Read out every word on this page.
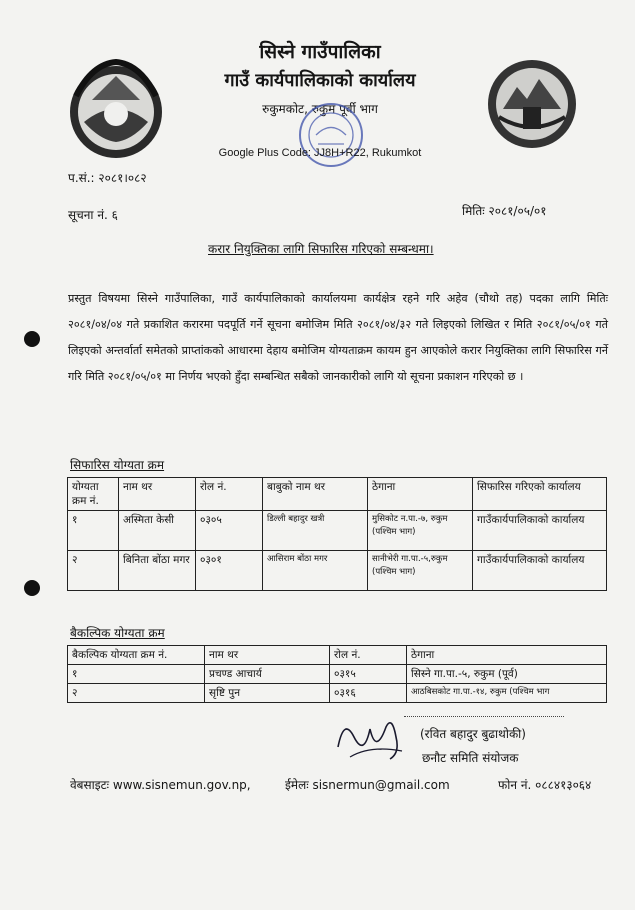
सिस्ने गाउँपालिका
गाउँ कार्यपालिकाको कार्यालय
रुकुमकोट, रुकुम पूर्वी भाग
Google Plus Code: JJ8H+R22, Rukumkot
प.सं.: २०८१।०८२
सूचना नं. ६	मितिः २०८१/०५/०१
करार नियुक्तिका लागि सिफारिस गरिएको सम्बन्धमा।
प्रस्तुत विषयमा सिस्ने गाउँपालिका, गाउँ कार्यपालिकाको कार्यालयमा कार्यक्षेत्र रहने गरि अहेव (चौथो तह) पदका लागि मितिः २०८१/०४/०४ गते प्रकाशित करारमा पदपूर्ति गर्ने सूचना बमोजिम मिति २०८१/०४/३२ गते लिइएको लिखित र मिति २०८१/०५/०१ गते लिइएको अन्तर्वार्ता समेतको प्राप्तांकको आधारमा देहाय बमोजिम योग्यताक्रम कायम हुन आएकोले करार नियुक्तिका लागि सिफारिस गर्ने गरि मिति २०८१/०५/०१ मा निर्णय भएको हुँदा सम्बन्धित सबैको जानकारीको लागि यो सूचना प्रकाशन गरिएको छ ।
सिफारिस योग्यता क्रम
योग्यता क्रम नं.	नाम थर	रोल नं.	बाबुको नाम थर	ठेगाना	सिफारिस गरिएको कार्यालय
१	अस्मिता केसी	०३०५	डिल्ली बहादुर खत्री	मुसिकोट न.पा.-७, रुकुम (पश्चिम भाग)	गाउँकार्यपालिकाको कार्यालय
२	बिनिता बोंठा मगर	०३०१	आसिराम बोंठा मगर	सानीभेरी गा.पा.-५,रुकुम (पश्चिम भाग)	गाउँकार्यपालिकाको कार्यालय
बैकल्पिक योग्यता क्रम
बैकल्पिक योग्यता क्रम नं.	नाम थर	रोल नं.	ठेगाना
१	प्रचण्ड आचार्य	०३१५	सिस्ने गा.पा.-५, रुकुम (पूर्व)
२	सृष्टि पुन	०३१६	आठबिसकोट गा.पा.-१४, रुकुम (पश्चिम भाग
(रवित बहादुर बुढाथोकी)
छनौट समिति संयोजक
वेबसाइटः www.sisnemun.gov.np,	ईमेलः sisnermun@gmail.com	फोन नं. ०८८४१३०६४
